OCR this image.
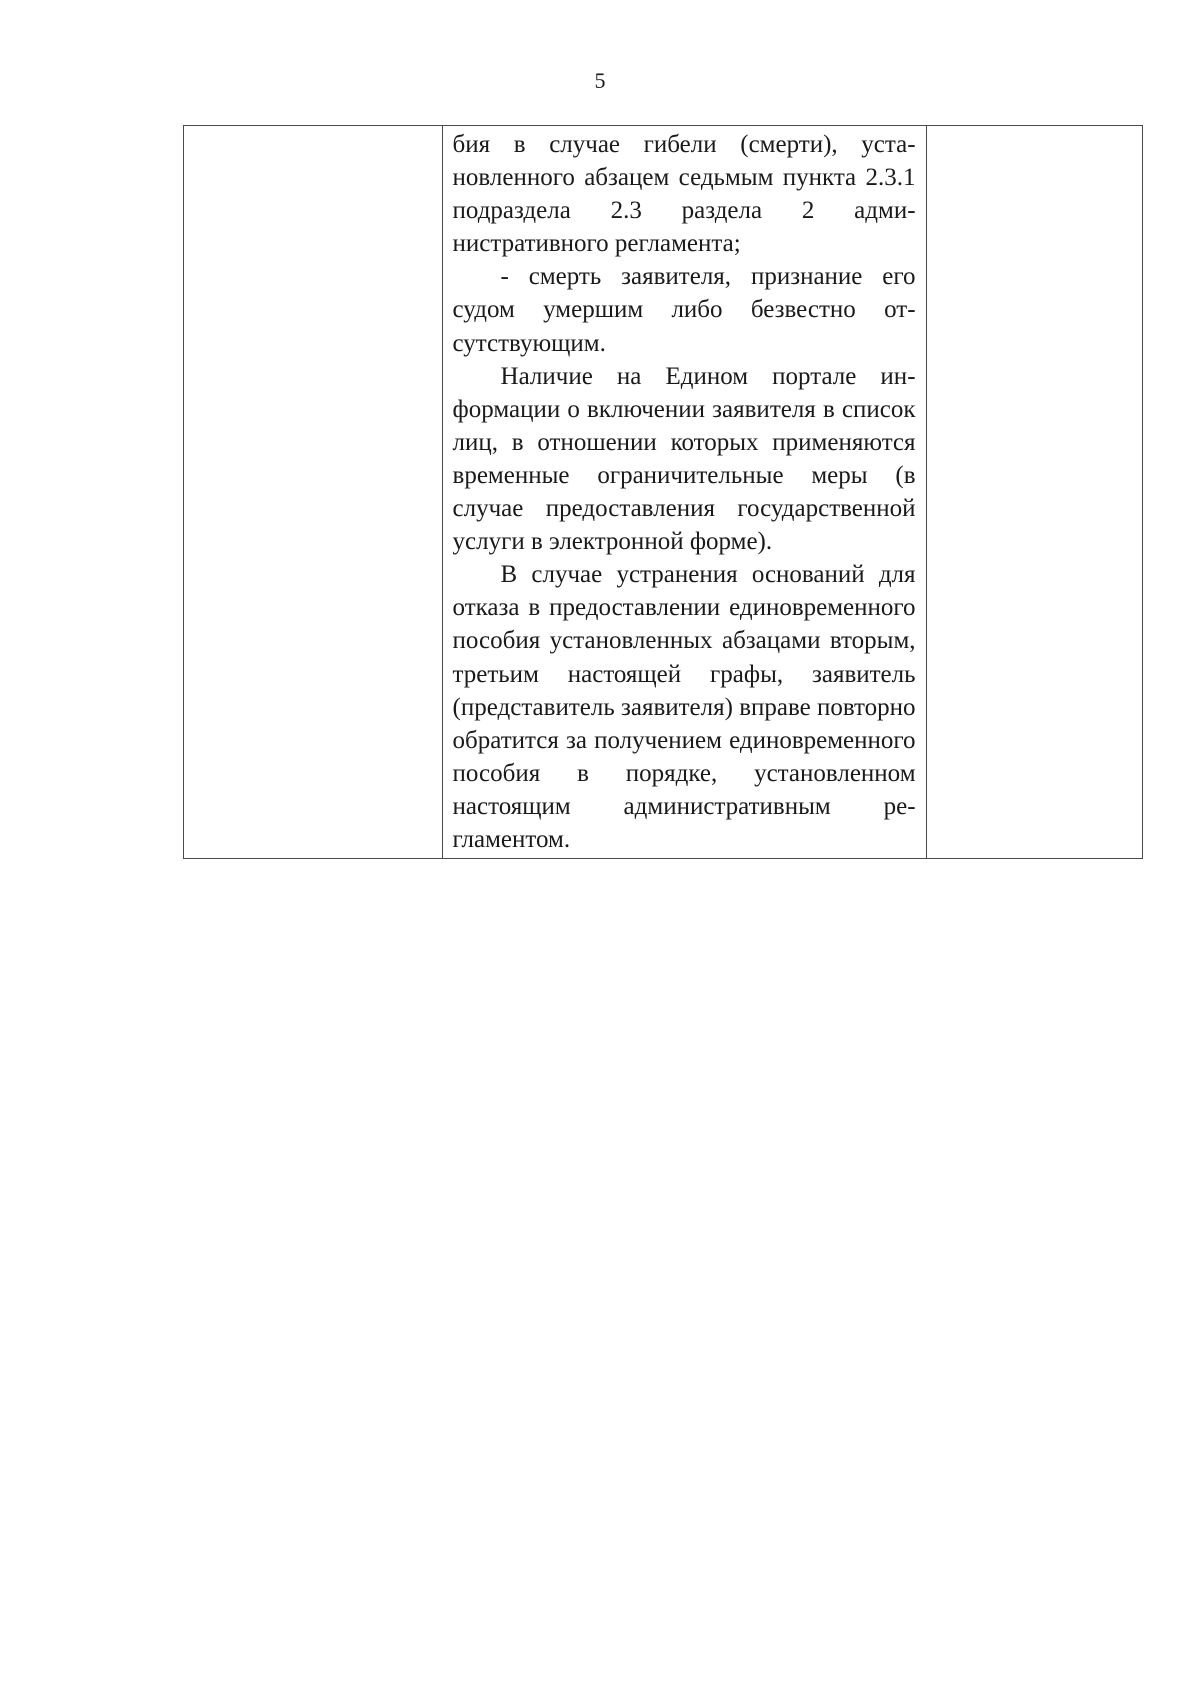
5

бия в случае гибели (смерти), установленного абзацем седьмым пункта 2.3.1 подраздела 2.3 раздела 2 административного регламента;

- смерть заявителя, признание его судом умершим либо безвестно отсутствующим.

Наличие на Едином портале информации о включении заявителя в список лиц, в отношении которых применяются временные ограничительные меры (в случае предоставления государственной услуги в электронной форме).

В случае устранения оснований для отказа в предоставлении единовременного пособия установленных абзацами вторым, третьим настоящей графы, заявитель (представитель заявителя) вправе повторно обратится за получением единовременного пособия в порядке, установленном настоящим административным регламентом.
